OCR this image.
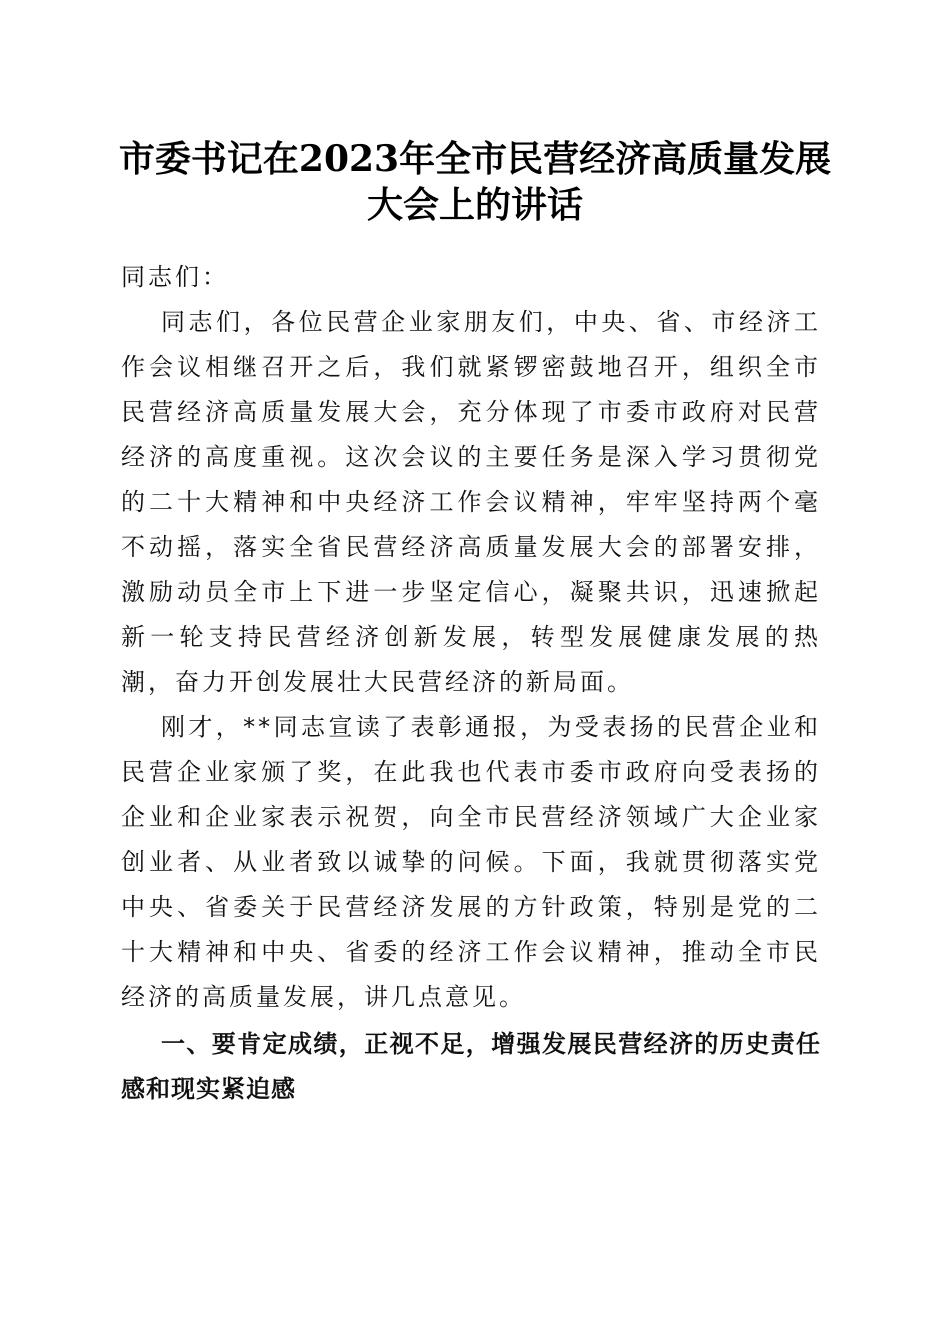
市委书记在2023年全市民营经济高质量发展
大会上的讲话

同志们：

同志们，各位民营企业家朋友们，中央、省、市经济工作会议相继召开之后，我们就紧锣密鼓地召开，组织全市民营经济高质量发展大会，充分体现了市委市政府对民营经济的高度重视。这次会议的主要任务是深入学习贯彻党的二十大精神和中央经济工作会议精神，牢牢坚持两个毫不动摇，落实全省民营经济高质量发展大会的部署安排，激励动员全市上下进一步坚定信心，凝聚共识，迅速掀起新一轮支持民营经济创新发展，转型发展健康发展的热潮，奋力开创发展壮大民营经济的新局面。

刚才，**同志宣读了表彰通报，为受表扬的民营企业和民营企业家颁了奖，在此我也代表市委市政府向受表扬的企业和企业家表示祝贺，向全市民营经济领域广大企业家创业者、从业者致以诚挚的问候。下面，我就贯彻落实党中央、省委关于民营经济发展的方针政策，特别是党的二十大精神和中央、省委的经济工作会议精神，推动全市民经济的高质量发展，讲几点意见。

一、要肯定成绩，正视不足，增强发展民营经济的历史责任感和现实紧迫感
